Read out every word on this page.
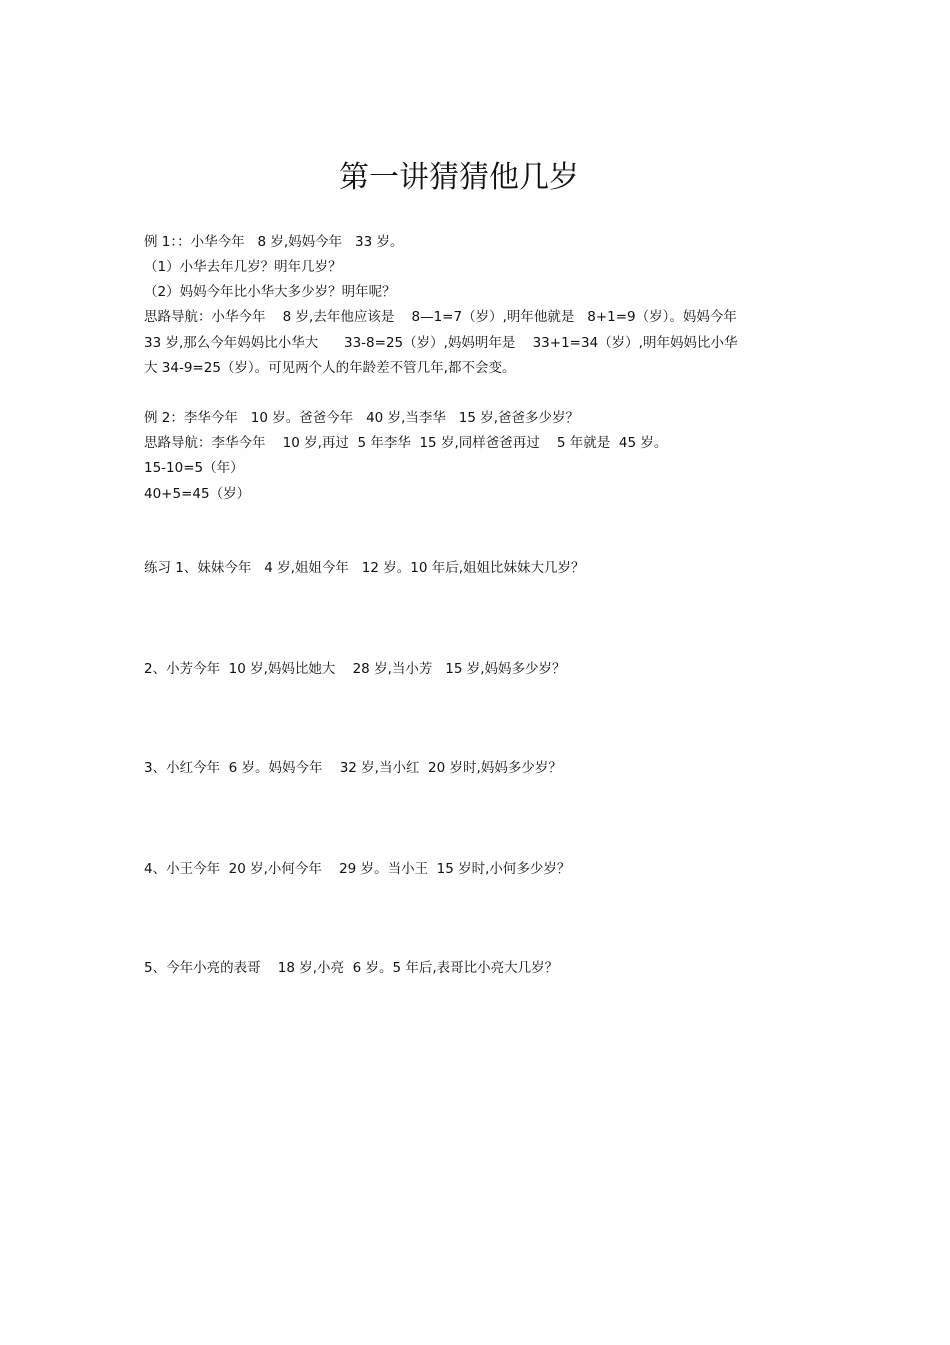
第一讲猜猜他几岁

例 1：：小华今年   8 岁,妈妈今年   33 岁。

（1）小华去年几岁？明年几岁？

（2）妈妈今年比小华大多少岁？明年呢？

思路导航：小华今年    8 岁,去年他应该是    8—1=7（岁）,明年他就是   8+1=9（岁）。妈妈今年

33 岁,那么今年妈妈比小华大      33-8=25（岁）,妈妈明年是    33+1=34（岁）,明年妈妈比小华

大 34-9=25（岁）。可见两个人的年龄差不管几年,都不会变。

例 2：李华今年   10 岁。爸爸今年   40 岁,当李华   15 岁,爸爸多少岁？

思路导航：李华今年    10 岁,再过  5 年李华  15 岁,同样爸爸再过    5 年就是  45 岁。

15-10=5（年）

40+5=45（岁）

练习 1、妹妹今年   4 岁,姐姐今年   12 岁。10 年后,姐姐比妹妹大几岁？

2、小芳今年  10 岁,妈妈比她大    28 岁,当小芳   15 岁,妈妈多少岁？

3、小红今年  6 岁。妈妈今年    32 岁,当小红  20 岁时,妈妈多少岁？

4、小王今年  20 岁,小何今年    29 岁。当小王  15 岁时,小何多少岁？

5、今年小亮的表哥    18 岁,小亮  6 岁。5 年后,表哥比小亮大几岁？
